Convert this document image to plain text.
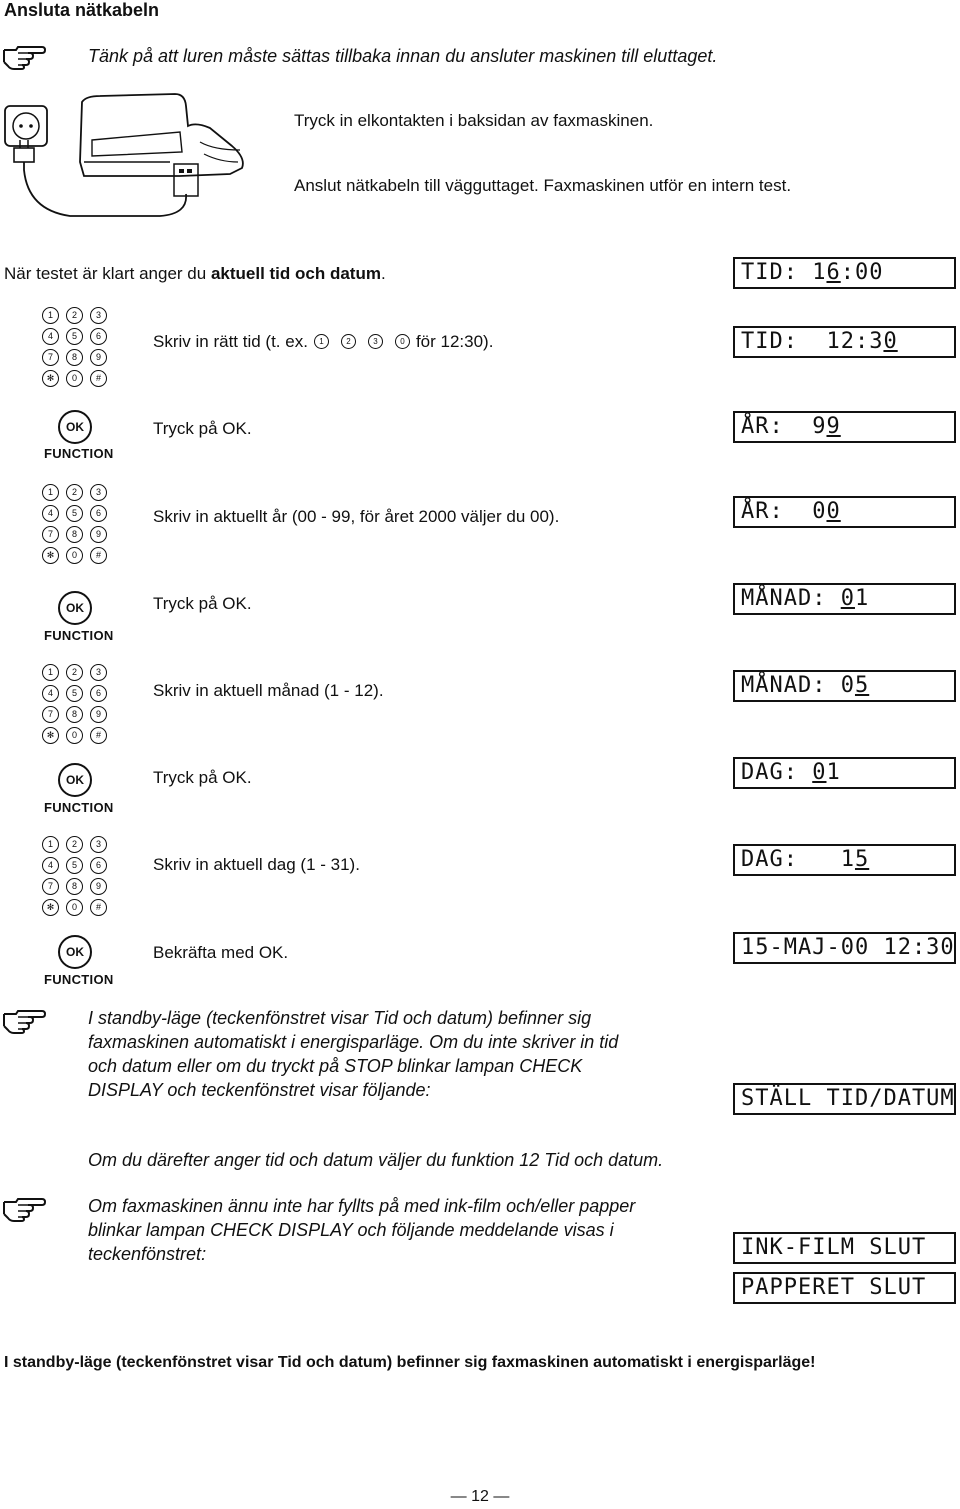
Ansluta nätkabeln
Tänk på att luren måste sättas tillbaka innan du ansluter maskinen till eluttaget.
Tryck in elkontakten i baksidan av faxmaskinen.
Anslut nätkabeln till vägguttaget. Faxmaskinen utför en intern test.
När testet är klart anger du aktuell tid och datum.	TID: 16:00
1	2	3
4	5	6
7	8	9
✻	0	#
Skriv in rätt tid (t. ex. 1	2	3	0 för 12:30).	TID:  12:30
OK
FUNCTION
Tryck på OK.	ÅR:  99
1	2	3
4	5	6
7	8	9
✻	0	#
Skriv in aktuellt år (00 - 99, för året 2000 väljer du 00).	ÅR:  00
OK
FUNCTION
Tryck på OK.	MÅNAD: 01
1	2	3
4	5	6
7	8	9
✻	0	#
Skriv in aktuell månad (1 - 12).	MÅNAD: 05
OK
FUNCTION
Tryck på OK.	DAG: 01
1	2	3
4	5	6
7	8	9
✻	0	#
Skriv in aktuell dag (1 - 31).	DAG:   15
OK
FUNCTION
Bekräfta med OK.	15-MAJ-00 12:30
I standby-läge (teckenfönstret visar Tid och datum) befinner sig
faxmaskinen automatiskt i energisparläge. Om du inte skriver in tid
och datum eller om du tryckt på STOP blinkar lampan CHECK
DISPLAY och teckenfönstret visar följande:	STÄLL TID/DATUM
Om du därefter anger tid och datum väljer du funktion 12 Tid och datum.
Om faxmaskinen ännu inte har fyllts på med ink-film och/eller papper
blinkar lampan CHECK DISPLAY och följande meddelande visas i
teckenfönstret:	INK-FILM SLUT
PAPPERET SLUT
I standby-läge (teckenfönstret visar Tid och datum) befinner sig faxmaskinen automatiskt i energisparläge!
— 12 —
